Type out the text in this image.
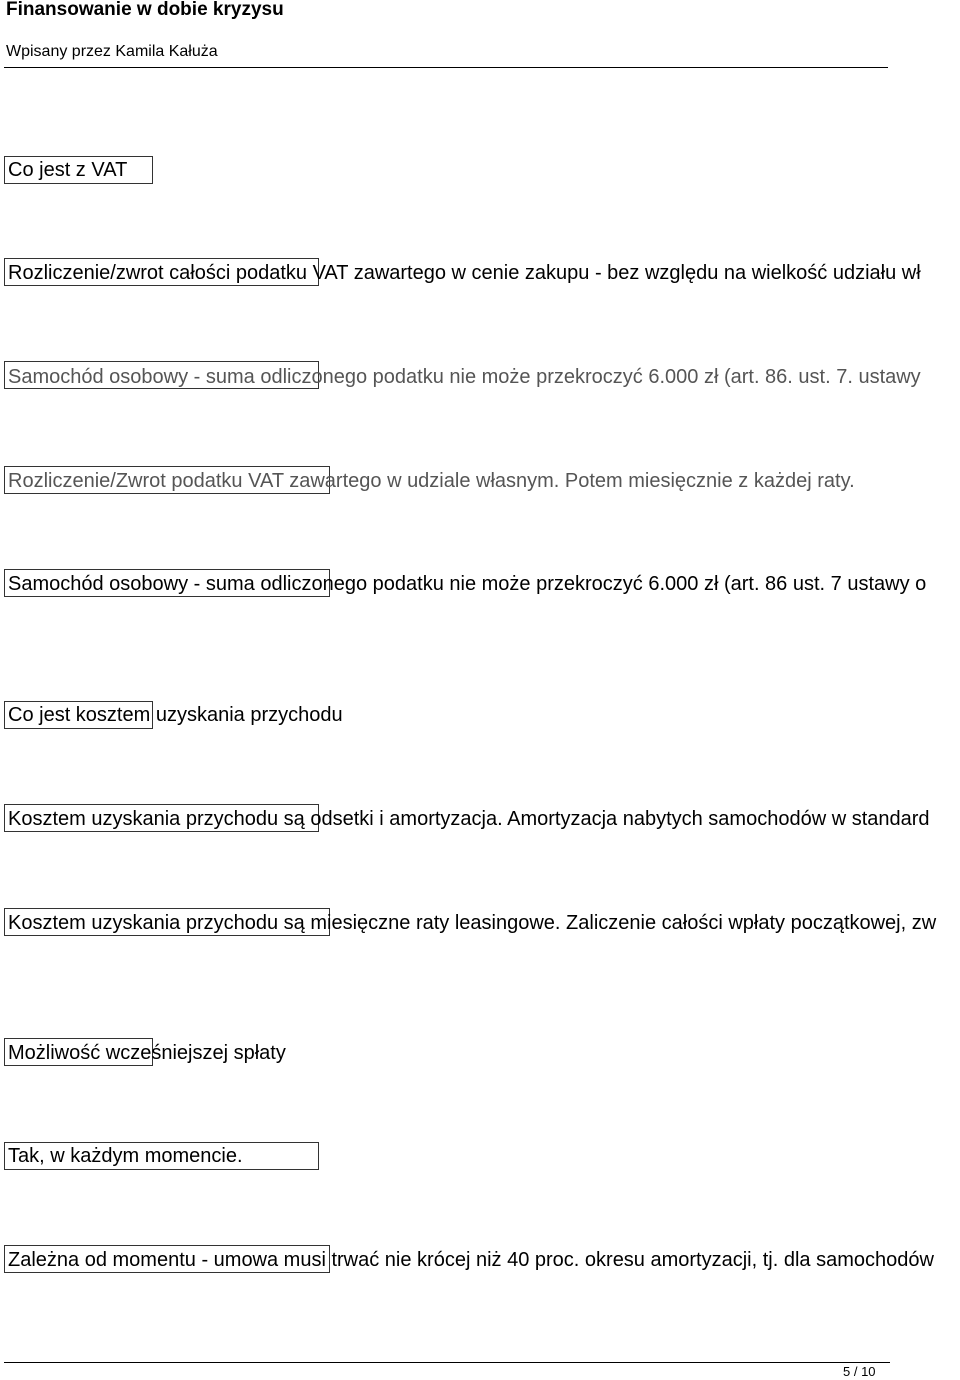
Finansowanie w dobie kryzysu
Wpisany przez Kamila Kałuża
Co jest z VAT
Rozliczenie/zwrot całości podatku VAT zawartego w cenie zakupu - bez względu na wielkość udziału wł
Samochód osobowy - suma odliczonego podatku nie może przekroczyć 6.000 zł (art. 86. ust. 7. ustawy
Rozliczenie/Zwrot podatku VAT zawartego w udziale własnym. Potem miesięcznie z każdej raty.
Samochód osobowy - suma odliczonego podatku nie może przekroczyć 6.000 zł (art. 86 ust. 7 ustawy o
Co jest kosztem uzyskania przychodu
Kosztem uzyskania przychodu są odsetki i amortyzacja. Amortyzacja nabytych samochodów w standard
Kosztem uzyskania przychodu są miesięczne raty leasingowe. Zaliczenie całości wpłaty początkowej, zw
Możliwość wcześniejszej spłaty
Tak, w każdym momencie.
Zależna od momentu - umowa musi trwać nie krócej niż 40 proc. okresu amortyzacji, tj. dla samochodów
5 / 10
